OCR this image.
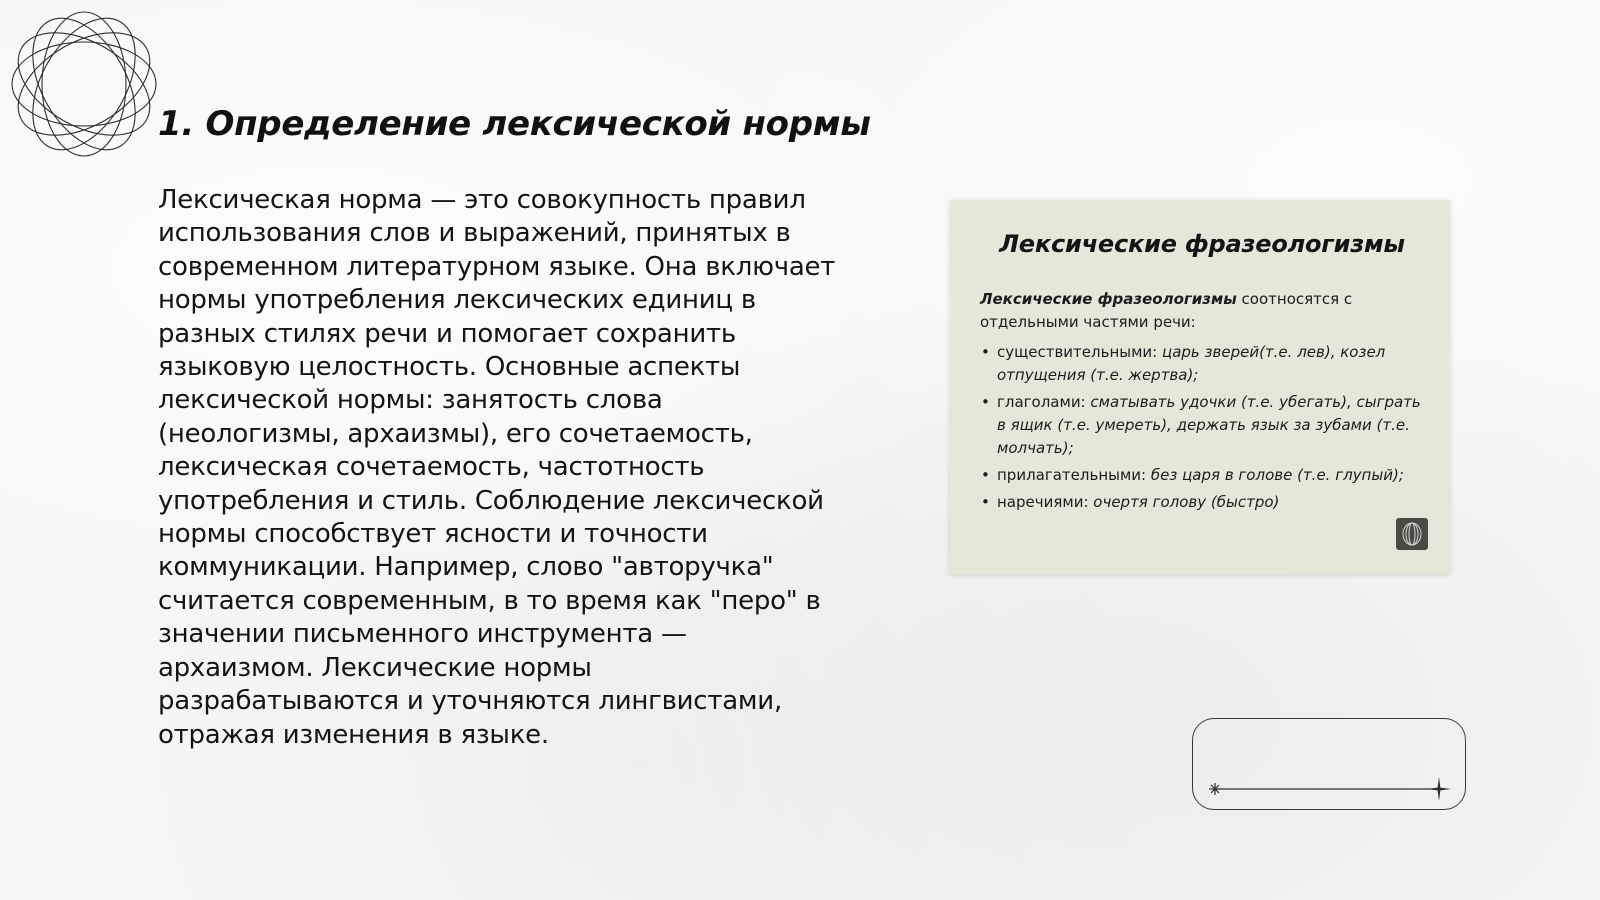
1. Определение лексической нормы

Лексическая норма — это совокупность правил использования слов и выражений, принятых в современном литературном языке. Она включает нормы употребления лексических единиц в разных стилях речи и помогает сохранить языковую целостность. Основные аспекты лексической нормы: занятость слова (неологизмы, архаизмы), его сочетаемость, лексическая сочетаемость, частотность употребления и стиль. Соблюдение лексической нормы способствует ясности и точности коммуникации. Например, слово "авторучка" считается современным, в то время как "перо" в значении письменного инструмента — архаизмом. Лексические нормы разрабатываются и уточняются лингвистами, отражая изменения в языке.

Лексические фразеологизмы

Лексические фразеологизмы соотносятся с отдельными частями речи:

• существительными: царь зверей(т.е. лев), козел отпущения (т.е. жертва);
• глаголами: сматывать удочки (т.е. убегать), сыграть в ящик (т.е. умереть), держать язык за зубами (т.е. молчать);
• прилагательными: без царя в голове (т.е. глупый);
• наречиями: очертя голову (быстро)
